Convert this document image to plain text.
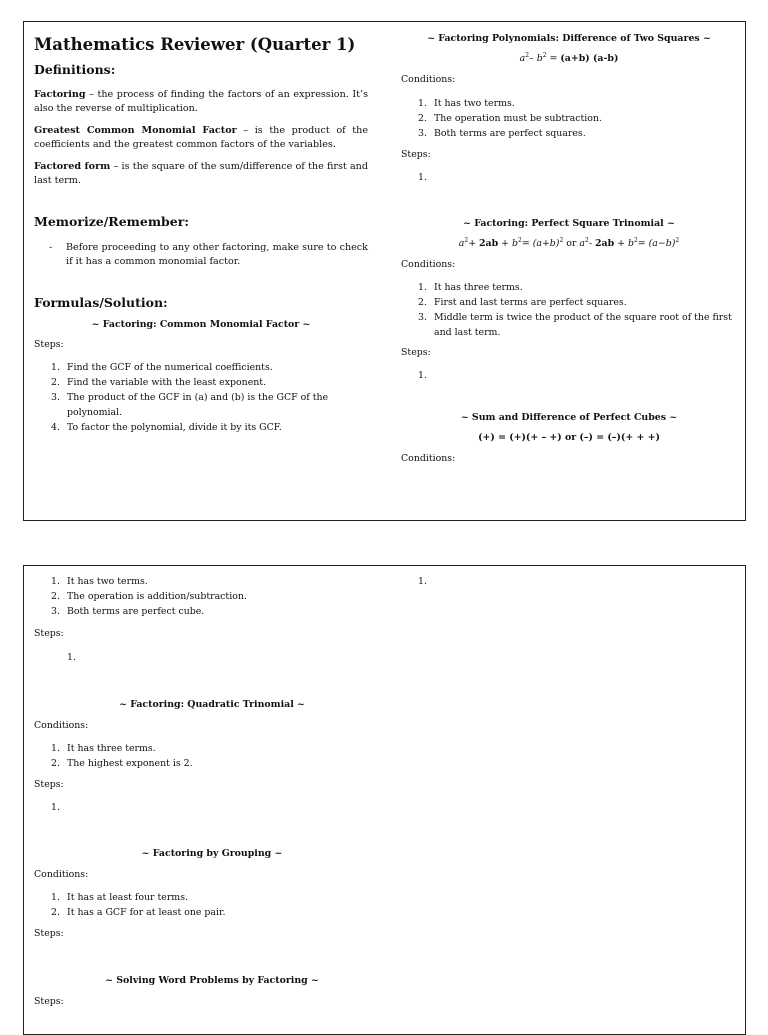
Mathematics Reviewer (Quarter 1)
Definitions:

Factoring – the process of finding the factors of an expression. It’s also the reverse of multiplication.

Greatest Common Monomial Factor – is the product of the coefficients and the greatest common factors of the variables.

Factored form – is the square of the sum/difference of the first and last term.

Memorize/Remember:
- Before proceeding to any other factoring, make sure to check if it has a common monomial factor.
Formulas/Solution:
~ Factoring: Common Monomial Factor ~
Steps:
1. Find the GCF of the numerical coefficients.
2. Find the variable with the least exponent.
3. The product of the GCF in (a) and (b) is the GCF of the polynomial.
4. To factor the polynomial, divide it by its GCF.
~ Factoring Polynomials: Difference of Two Squares ~
$a^2-$ $b^2 = (a+b)$ (a-b)
Conditions:
1. It has two terms.
2. The operation must be subtraction.
3. Both terms are perfect squares.
Steps:
1.

~ Factoring: Perfect Square Trinomial ~
$a^2+ 2ab + b^2= (a+b)^2$ or $a^2-$ $2ab + b^2= (a-b)^2$
Conditions:
1. It has three terms.
2. First and last terms are perfect squares.
3. Middle term is twice the product of the square root of the first and last term.
Steps:
1.

~ Sum and Difference of Perfect Cubes ~
(+) = (+)(+ – +) or (–) = (–)(+ + +)
Conditions:
1. It has two terms.
2. The operation is addition/subtraction.
3. Both terms are perfect cube.
Steps:
1.

~ Factoring: Quadratic Trinomial ~
Conditions:
1. It has three terms.
2. The highest exponent is 2.
Steps:
1.

~ Factoring by Grouping ~
Conditions:
1. It has at least four terms.
2. It has a GCF for at least one pair.
Steps:
~ Solving Word Problems by Factoring ~
Steps:
1.
